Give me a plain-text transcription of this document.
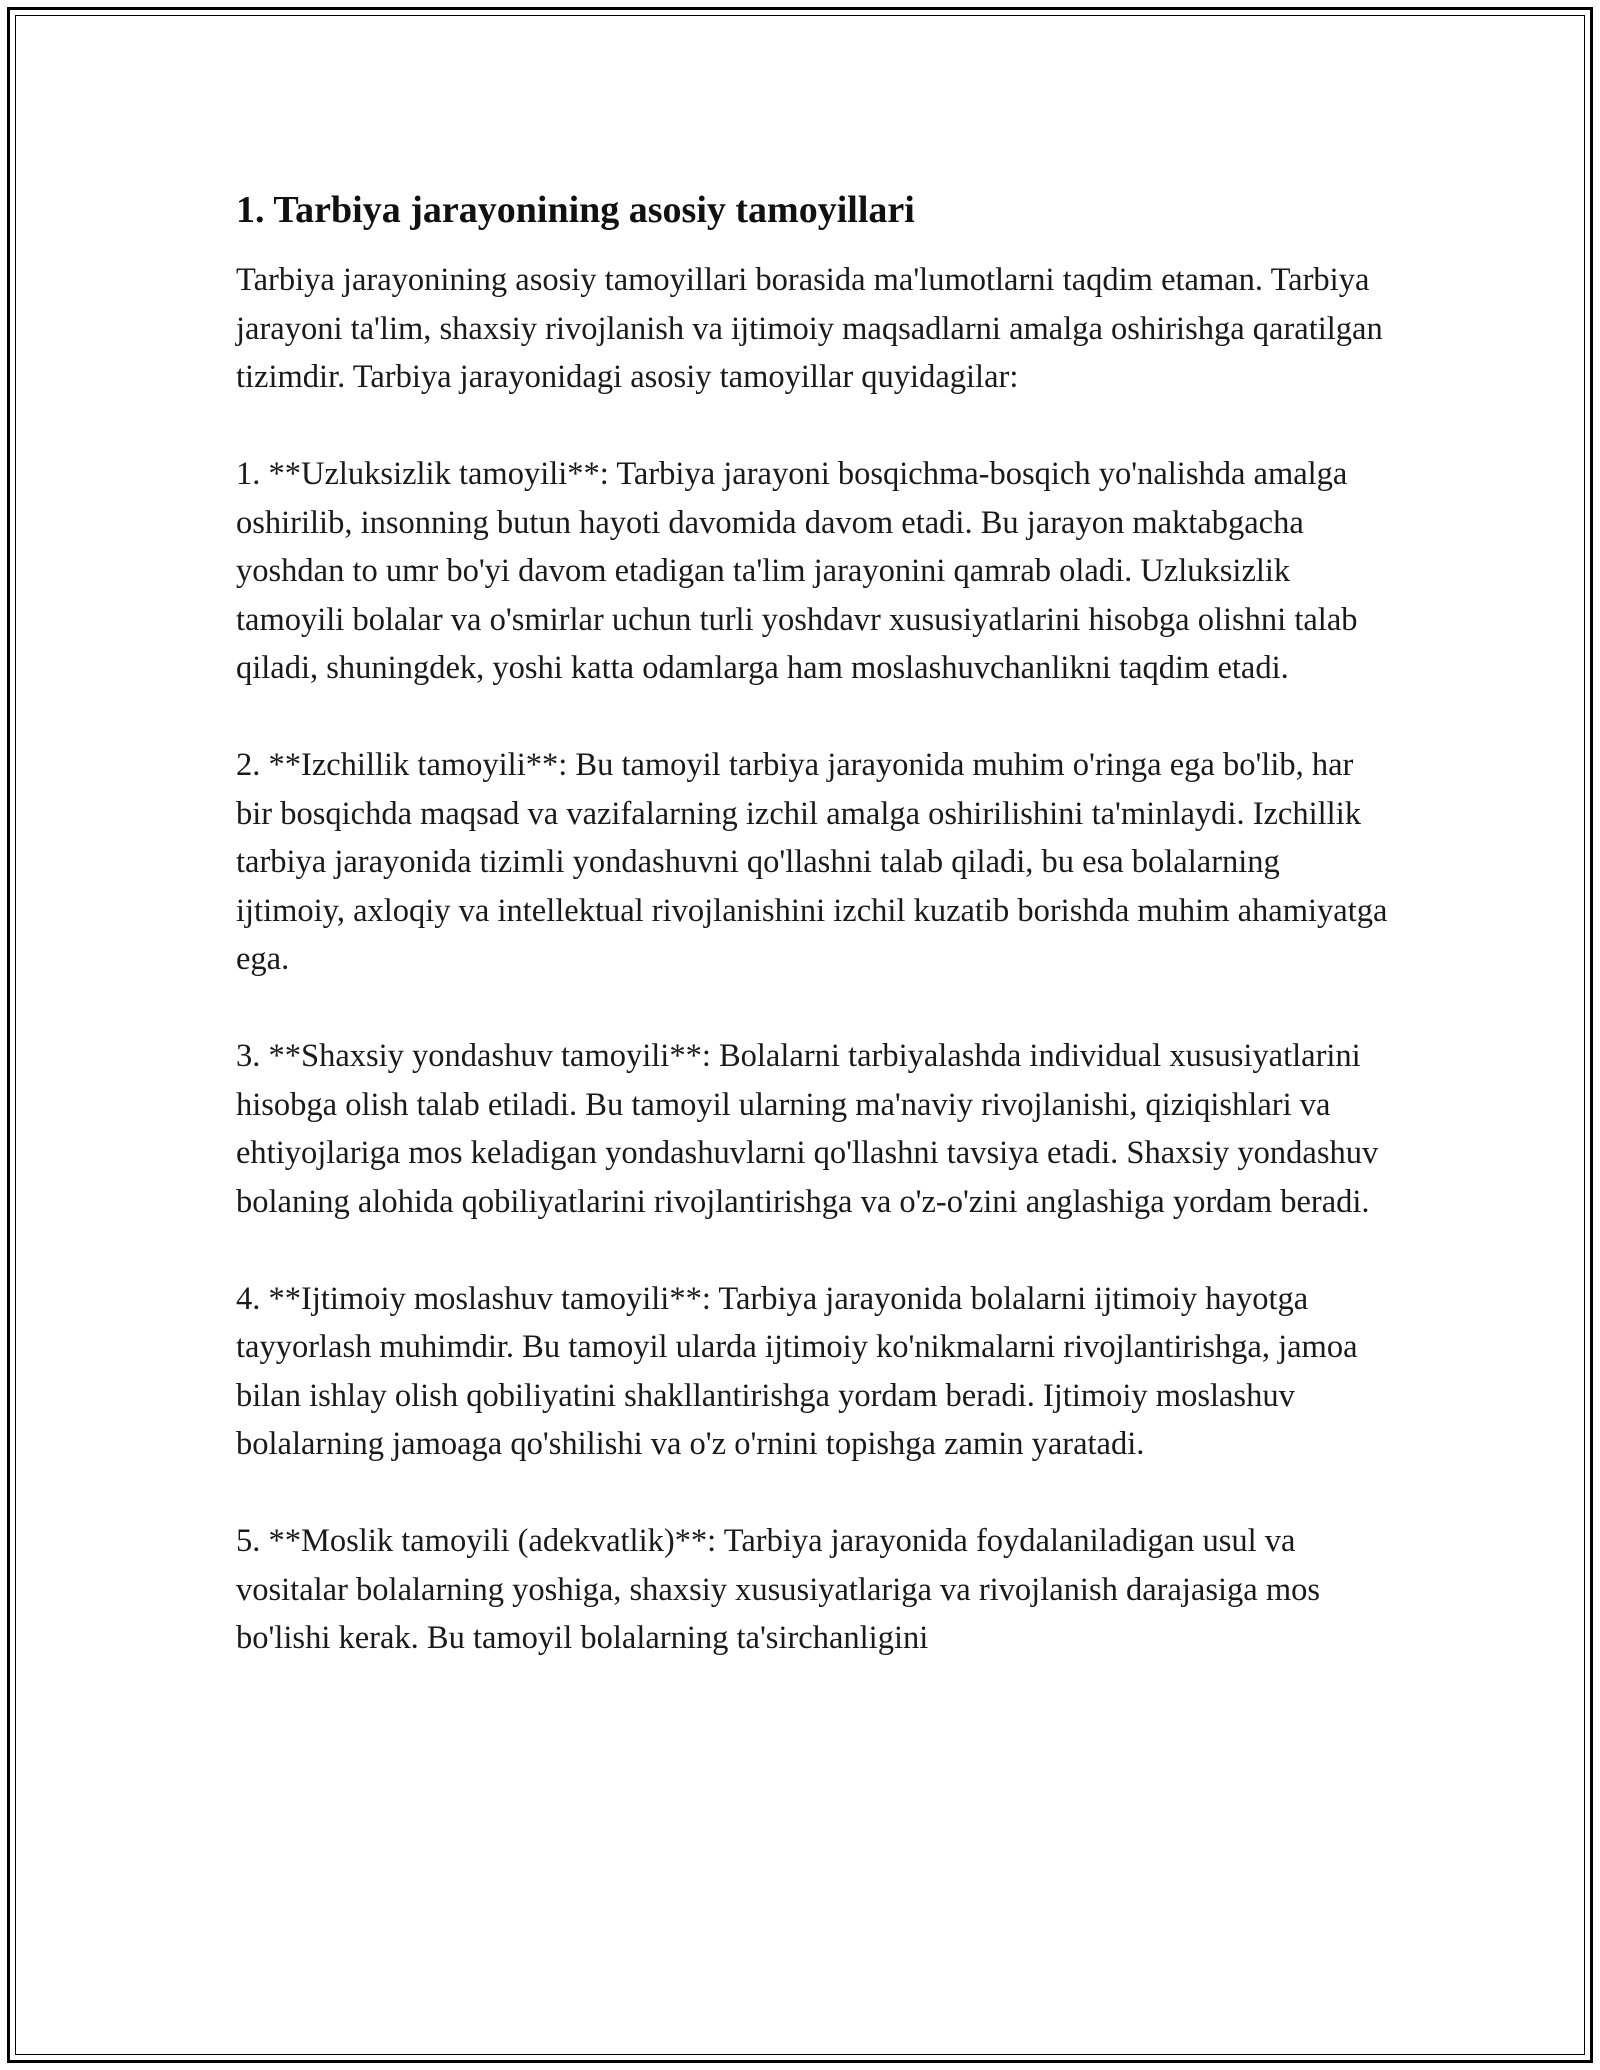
1. Tarbiya jarayonining asosiy tamoyillari

Tarbiya jarayonining asosiy tamoyillari borasida ma'lumotlarni taqdim etaman. Tarbiya jarayoni ta'lim, shaxsiy rivojlanish va ijtimoiy maqsadlarni amalga oshirishga qaratilgan tizimdir. Tarbiya jarayonidagi asosiy tamoyillar quyidagilar:

1. **Uzluksizlik tamoyili**: Tarbiya jarayoni bosqichma-bosqich yo'nalishda amalga oshirilib, insonning butun hayoti davomida davom etadi. Bu jarayon maktabgacha yoshdan to umr bo'yi davom etadigan ta'lim jarayonini qamrab oladi. Uzluksizlik tamoyili bolalar va o'smirlar uchun turli yoshdavr xususiyatlarini hisobga olishni talab qiladi, shuningdek, yoshi katta odamlarga ham moslashuvchanlikni taqdim etadi.

2. **Izchillik tamoyili**: Bu tamoyil tarbiya jarayonida muhim o'ringa ega bo'lib, har bir bosqichda maqsad va vazifalarning izchil amalga oshirilishini ta'minlaydi. Izchillik tarbiya jarayonida tizimli yondashuvni qo'llashni talab qiladi, bu esa bolalarning ijtimoiy, axloqiy va intellektual rivojlanishini izchil kuzatib borishda muhim ahamiyatga ega.

3. **Shaxsiy yondashuv tamoyili**: Bolalarni tarbiyalashda individual xususiyatlarini hisobga olish talab etiladi. Bu tamoyil ularning ma'naviy rivojlanishi, qiziqishlari va ehtiyojlariga mos keladigan yondashuvlarni qo'llashni tavsiya etadi. Shaxsiy yondashuv bolaning alohida qobiliyatlarini rivojlantirishga va o'z-o'zini anglashiga yordam beradi.

4. **Ijtimoiy moslashuv tamoyili**: Tarbiya jarayonida bolalarni ijtimoiy hayotga tayyorlash muhimdir. Bu tamoyil ularda ijtimoiy ko'nikmalarni rivojlantirishga, jamoa bilan ishlay olish qobiliyatini shakllantirishga yordam beradi. Ijtimoiy moslashuv bolalarning jamoaga qo'shilishi va o'z o'rnini topishga zamin yaratadi.

5. **Moslik tamoyili (adekvatlik)**: Tarbiya jarayonida foydalaniladigan usul va vositalar bolalarning yoshiga, shaxsiy xususiyatlariga va rivojlanish darajasiga mos bo'lishi kerak. Bu tamoyil bolalarning ta'sirchanligini
